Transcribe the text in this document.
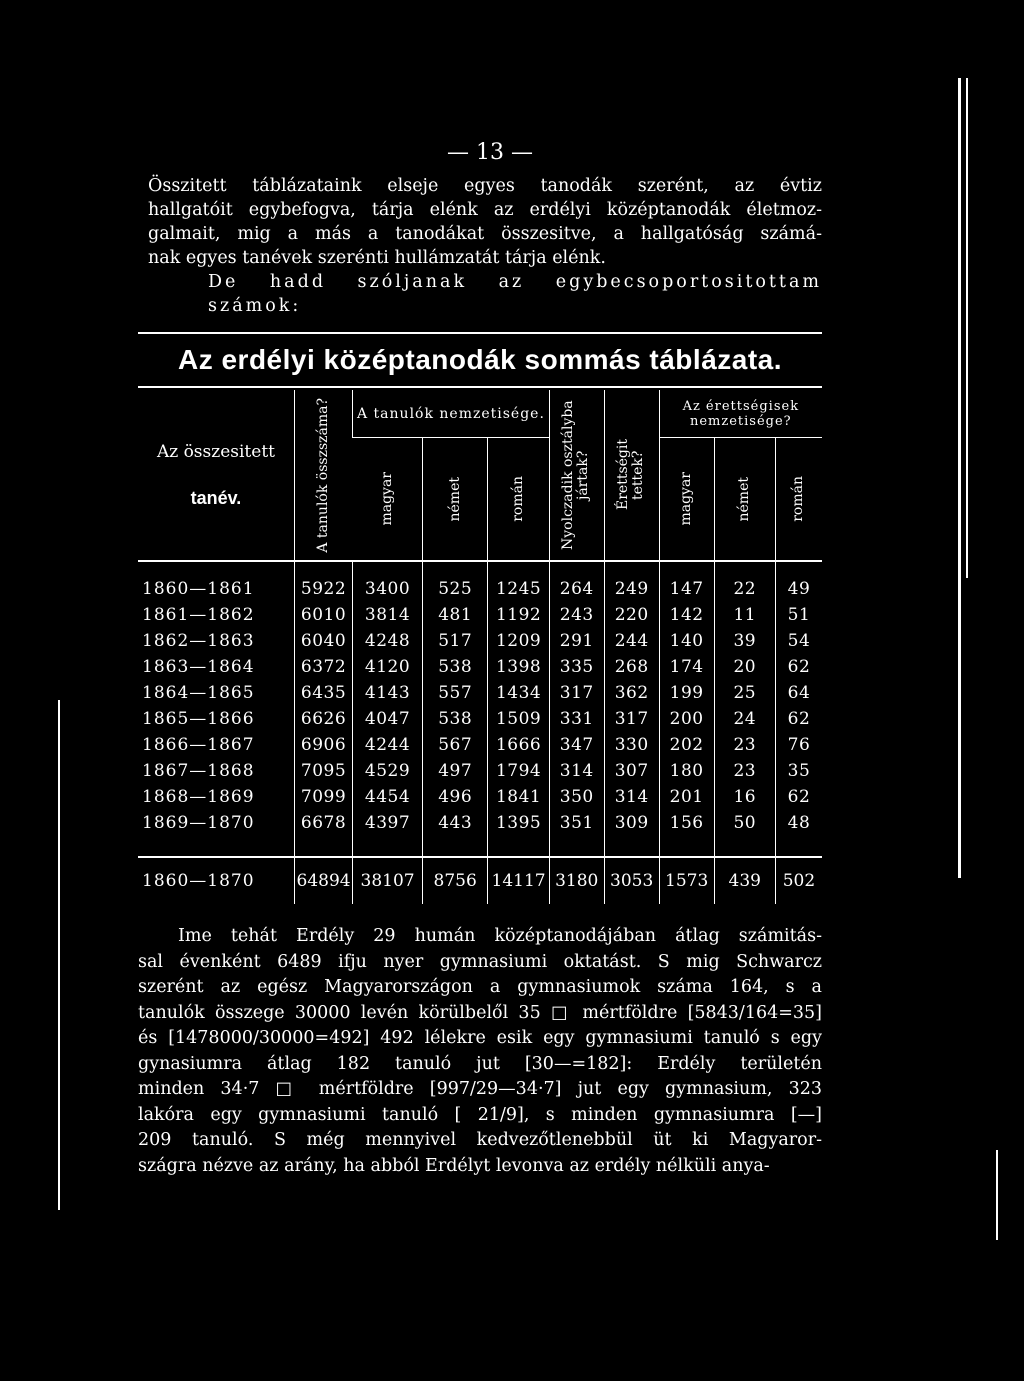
— 13 —

Összitett táblázataink elseje egyes tanodák szerént, az évtiz
hallgatóit egybefogva, tárja elénk az erdélyi középtanodák életmoz-
galmait, mig a más a tanodákat összesitve, a hallgatóság számá-
nak egyes tanévek szerénti hullámzatát tárja elénk.
De hadd szóljanak az egybecsoportositottam számok:

Az erdélyi középtanodák sommás táblázata.
Az összesitett
tanév.	A tanulók összszáma?	A tanulók nemzetisége.			Nyolczadik osztályba jártak?	Érettségit tettek?	Az érettségisek nemzetisége?		

		magyar	német	román			magyar	német	román

1860—1861	5922	3400	525	1245	264	249	147	22	49
1861—1862	6010	3814	481	1192	243	220	142	11	51
1862—1863	6040	4248	517	1209	291	244	140	39	54
1863—1864	6372	4120	538	1398	335	268	174	20	62
1864—1865	6435	4143	557	1434	317	362	199	25	64
1865—1866	6626	4047	538	1509	331	317	200	24	62
1866—1867	6906	4244	567	1666	347	330	202	23	76
1867—1868	7095	4529	497	1794	314	307	180	23	35
1868—1869	7099	4454	496	1841	350	314	201	16	62
1869—1870	6678	4397	443	1395	351	309	156	50	48

1860—1870	64894	38107	8756	14117	3180	3053	1573	439	502

Ime tehát Erdély 29 humán középtanodájában átlag számitás-
sal évenként 6489 ifju nyer gymnasiumi oktatást. S mig Schwarcz
szerént az egész Magyarországon a gymnasiumok száma 164, s a
tanulók összege 30000 levén körülbelől 35 □ mértföldre [5843/164=35]
és [1478000/30000=492] 492 lélekre esik egy gymnasiumi tanuló s egy
gynasiumra átlag 182 tanuló jut [30—=182]: Erdély területén
minden 34·7 □ mértföldre [997/29—34·7] jut egy gymnasium, 323
lakóra egy gymnasiumi tanuló [ 21/9], s minden gymnasiumra [—]
209 tanuló. S még mennyivel kedvezőtlenebbül üt ki Magyaror-
szágra nézve az arány, ha abból Erdélyt levonva az erdély nélküli anya-
